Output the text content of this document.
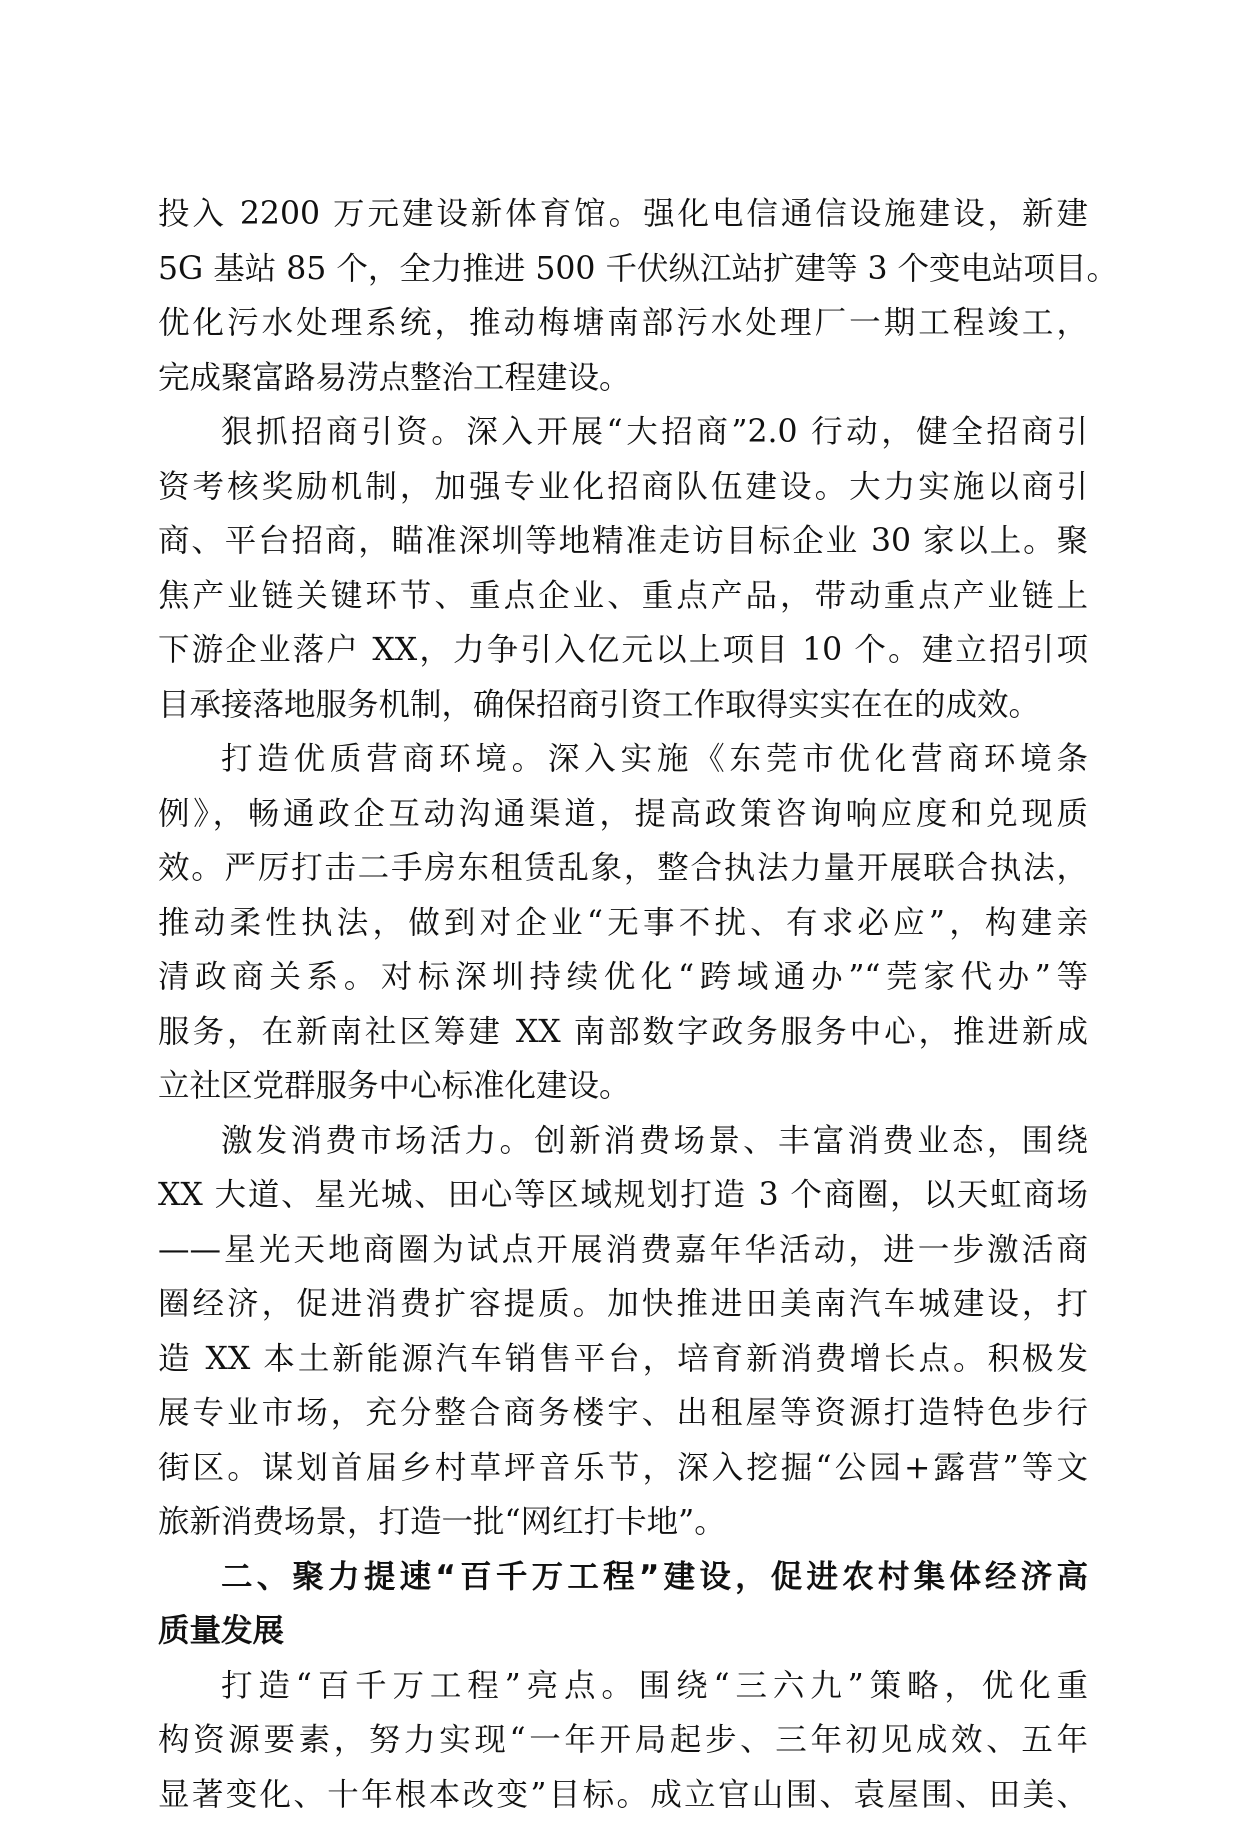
投入 2200 万元建设新体育馆。强化电信通信设施建设，新建
5G 基站 85 个，全力推进 500 千伏纵江站扩建等 3 个变电站项目。
优化污水处理系统，推动梅塘南部污水处理厂一期工程竣工，
完成聚富路易涝点整治工程建设。
狠抓招商引资。深入开展“大招商”2.0 行动，健全招商引
资考核奖励机制，加强专业化招商队伍建设。大力实施以商引
商、平台招商，瞄准深圳等地精准走访目标企业 30 家以上。聚
焦产业链关键环节、重点企业、重点产品，带动重点产业链上
下游企业落户 XX，力争引入亿元以上项目 10 个。建立招引项
目承接落地服务机制，确保招商引资工作取得实实在在的成效。
打造优质营商环境。深入实施《东莞市优化营商环境条
例》，畅通政企互动沟通渠道，提高政策咨询响应度和兑现质
效。严厉打击二手房东租赁乱象，整合执法力量开展联合执法，
推动柔性执法，做到对企业“无事不扰、有求必应”，构建亲
清政商关系。对标深圳持续优化“跨域通办”“莞家代办”等
服务，在新南社区筹建 XX 南部数字政务服务中心，推进新成
立社区党群服务中心标准化建设。
激发消费市场活力。创新消费场景、丰富消费业态，围绕
XX 大道、星光城、田心等区域规划打造 3 个商圈，以天虹商场
——星光天地商圈为试点开展消费嘉年华活动，进一步激活商
圈经济，促进消费扩容提质。加快推进田美南汽车城建设，打
造 XX 本土新能源汽车销售平台，培育新消费增长点。积极发
展专业市场，充分整合商务楼宇、出租屋等资源打造特色步行
街区。谋划首届乡村草坪音乐节，深入挖掘“公园+露营”等文
旅新消费场景，打造一批“网红打卡地”。
二、聚力提速“百千万工程”建设，促进农村集体经济高
质量发展
打造“百千万工程”亮点。围绕“三六九”策略，优化重
构资源要素，努力实现“一年开局起步、三年初见成效、五年
显著变化、十年根本改变”目标。成立官山围、袁屋围、田美、
